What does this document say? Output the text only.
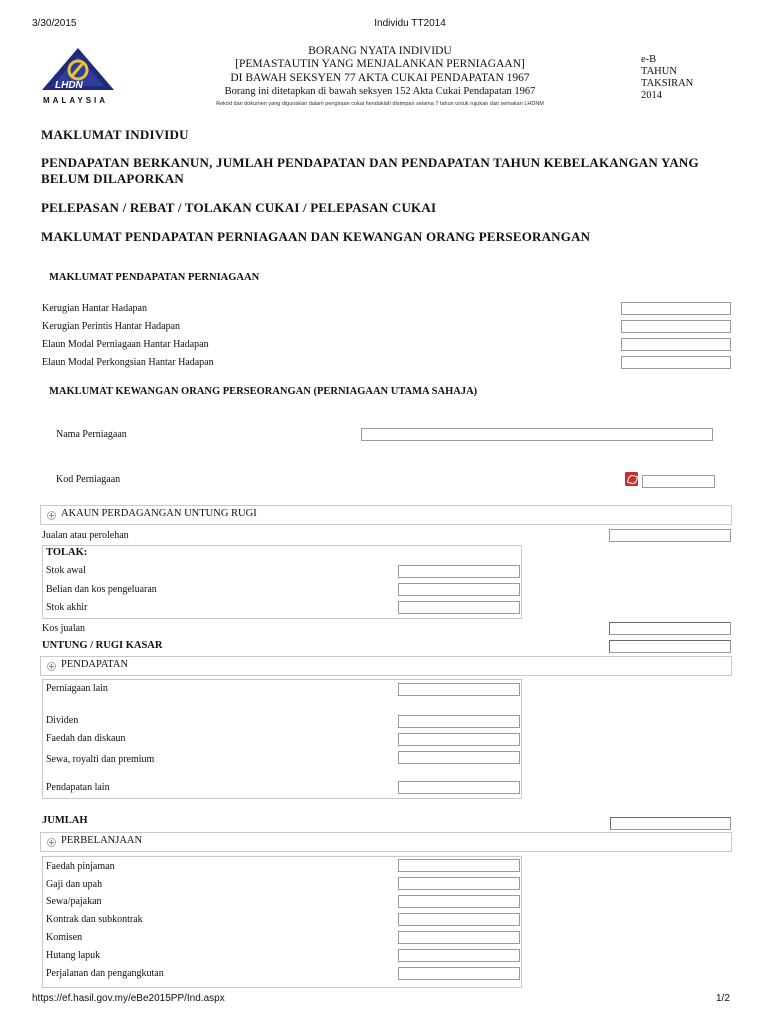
3/30/2015	Individu TT2014
https://ef.hasil.gov.my/eBe2015PP/Ind.aspx	1/2
LHDN
MALAYSIA
BORANG NYATA INDIVIDU
[PEMASTAUTIN YANG MENJALANKAN PERNIAGAAN]
DI BAWAH SEKSYEN 77 AKTA CUKAI PENDAPATAN 1967
Borang ini ditetapkan di bawah seksyen 152 Akta Cukai Pendapatan 1967
Rekod dan dokumen yang digunakan dalam pengiraan cukai hendaklah disimpan selama 7 tahun untuk rujukan dan semakan LHDNM
e-B
TAHUN
TAKSIRAN
2014
MAKLUMAT INDIVIDU
PENDAPATAN BERKANUN, JUMLAH PENDAPATAN DAN PENDAPATAN TAHUN KEBELAKANGAN YANG
BELUM DILAPORKAN
PELEPASAN / REBAT / TOLAKAN CUKAI / PELEPASAN CUKAI
MAKLUMAT PENDAPATAN PERNIAGAAN DAN KEWANGAN ORANG PERSEORANGAN
MAKLUMAT PENDAPATAN PERNIAGAAN
Kerugian Hantar Hadapan
Kerugian Perintis Hantar Hadapan
Elaun Modal Perniagaan Hantar Hadapan
Elaun Modal Perkongsian Hantar Hadapan
MAKLUMAT KEWANGAN ORANG PERSEORANGAN (PERNIAGAAN UTAMA SAHAJA)
Nama Perniagaan
Kod Perniagaan
AKAUN PERDAGANGAN UNTUNG RUGI
Jualan atau perolehan
TOLAK:
Stok awal
Belian dan kos pengeluaran
Stok akhir
Kos jualan
UNTUNG / RUGI KASAR
PENDAPATAN
Perniagaan lain
Dividen
Faedah dan diskaun
Sewa, royalti dan premium
Pendapatan lain
JUMLAH
PERBELANJAAN
Faedah pinjaman
Gaji dan upah
Sewa/pajakan
Kontrak dan subkontrak
Komisen
Hutang lapuk
Perjalanan dan pengangkutan
